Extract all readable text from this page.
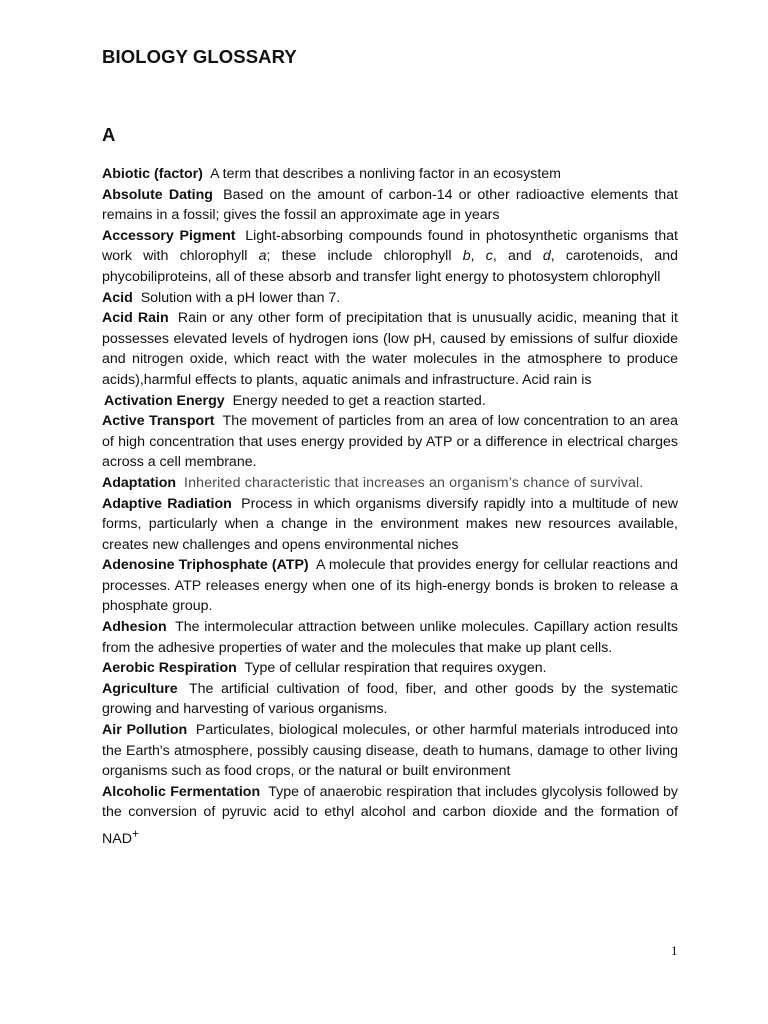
BIOLOGY GLOSSARY
A

Abiotic (factor) A term that describes a nonliving factor in an ecosystem

Absolute Dating Based on the amount of carbon-14 or other radioactive elements that remains in a fossil; gives the fossil an approximate age in years

Accessory Pigment Light-absorbing compounds found in photosynthetic organisms that work with chlorophyll a; these include chlorophyll b, c, and d, carotenoids, and phycobiliproteins, all of these absorb and transfer light energy to photosystem chlorophyll

Acid Solution with a pH lower than 7.

Acid Rain Rain or any other form of precipitation that is unusually acidic, meaning that it possesses elevated levels of hydrogen ions (low pH, caused by emissions of sulfur dioxide and nitrogen oxide, which react with the water molecules in the atmosphere to produce acids),harmful effects to plants, aquatic animals and infrastructure. Acid rain is

Activation Energy Energy needed to get a reaction started.

Active Transport The movement of particles from an area of low concentration to an area of high concentration that uses energy provided by ATP or a difference in electrical charges across a cell membrane.

Adaptation Inherited characteristic that increases an organism’s chance of survival.

Adaptive Radiation Process in which organisms diversify rapidly into a multitude of new forms, particularly when a change in the environment makes new resources available, creates new challenges and opens environmental niches

Adenosine Triphosphate (ATP) A molecule that provides energy for cellular reactions and processes. ATP releases energy when one of its high-energy bonds is broken to release a phosphate group.

Adhesion The intermolecular attraction between unlike molecules. Capillary action results from the adhesive properties of water and the molecules that make up plant cells.

Aerobic Respiration Type of cellular respiration that requires oxygen.

Agriculture The artificial cultivation of food, fiber, and other goods by the systematic growing and harvesting of various organisms.

Air Pollution Particulates, biological molecules, or other harmful materials introduced into the Earth's atmosphere, possibly causing disease, death to humans, damage to other living organisms such as food crops, or the natural or built environment

Alcoholic Fermentation Type of anaerobic respiration that includes glycolysis followed by the conversion of pyruvic acid to ethyl alcohol and carbon dioxide and the formation of NAD+

1
